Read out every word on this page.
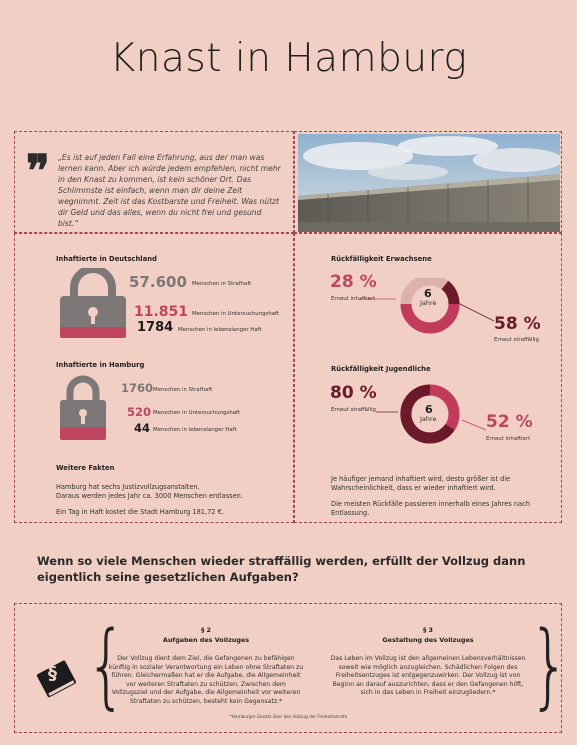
Knast in Hamburg
❞ „Es ist auf jeden Fall eine Erfahrung, aus der man was lernen kann. Aber ich würde jedem empfehlen, nicht mehr in den Knast zu kommen, ist kein schöner Ort. Das Schlimmste ist einfach, wenn man dir deine Zeit wegnimmt. Zeit ist das Kostbarste und Freiheit. Was nützt dir Geld und das alles, wenn du nicht frei und gesund bist.“
Inhaftierte in Deutschland
57.600 Menschen in Strafhaft
11.851 Menschen in Untersuchungshaft
1784 Menschen in lebenslanger Haft
Inhaftierte in Hamburg
1760 Menschen in Strafhaft
520 Menschen in Untersuchungshaft
44 Menschen in lebenslanger Haft
Weitere Fakten
Hamburg hat sechs Justizvollzugsanstalten.
Daraus werden jedes Jahr ca. 3000 Menschen entlassen.
Ein Tag in Haft kostet die Stadt Hamburg 181,72 €.
Rückfälligkeit Erwachsene
28 %
Erneut inhaftiert	6
Jahre
58 %
Erneut straffällig
Rückfälligkeit Jugendliche
80 %
Erneut straffällig	6
Jahre	52 %
Erneut inhaftiert
Je häufiger jemand inhaftiert wird, desto größer ist die Wahrscheinlichkeit, dass er wieder inhaftiert wird.
Die meisten Rückfälle passieren innerhalb eines Jahres nach Entlassung.
Wenn so viele Menschen wieder straffällig werden, erfüllt der Vollzug dann eigentlich seine gesetzlichen Aufgaben?
§ {	}
§ 2
Aufgaben des Vollzuges
Der Vollzug dient dem Ziel, die Gefangenen zu befähigen künftig in sozialer Verantwortung ein Leben ohne Straftaten zu führen. Gleichermaßen hat er die Aufgabe, die Allgemeinheit vor weiteren Straftaten zu schützen. Zwischen dem Vollzugsziel und der Aufgabe, die Allgemeinheit vor weiteren Straftaten zu schützen, besteht kein Gegensatz.*
§ 3
Gestaltung des Vollzuges
Das Leben im Vollzug ist den allgemeinen Lebensverhältnissen soweit wie möglich anzugleichen. Schädlichen Folgen des Freiheitsentzuges ist entgegenzuwirken. Der Vollzug ist von Beginn an darauf auszurichten, dass er den Gefangenen hilft, sich in das Leben in Freiheit einzugliedern.*
*Hamburger Gesetz über den Vollzug der Freiheitsstrafe
